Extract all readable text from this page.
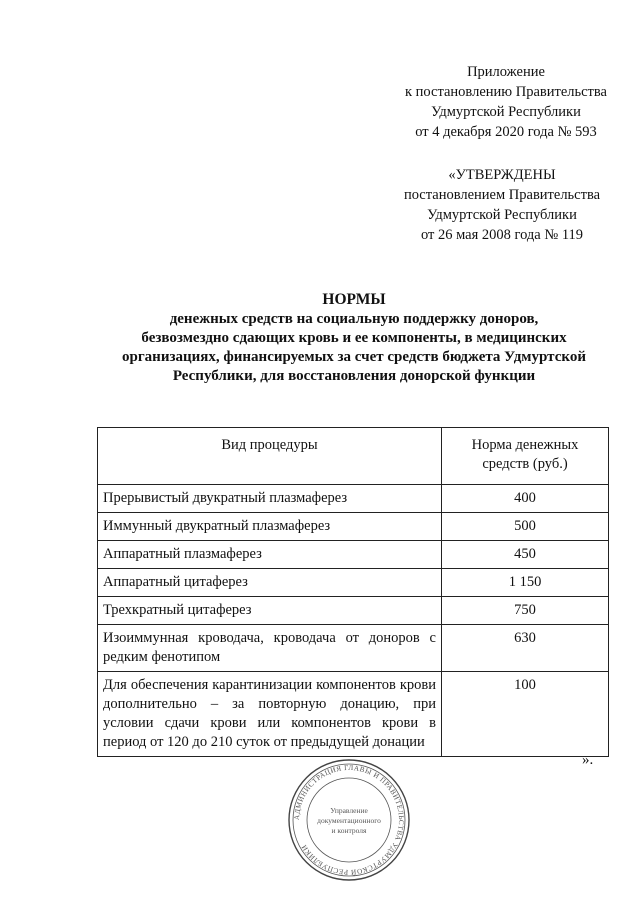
Приложение
к постановлению Правительства
Удмуртской Республики
от 4 декабря 2020 года № 593
«УТВЕРЖДЕНЫ
постановлением Правительства
Удмуртской Республики
от 26 мая 2008 года № 119
НОРМЫ
денежных средств на социальную поддержку доноров,
безвозмездно сдающих кровь и ее компоненты, в медицинских
организациях, финансируемых за счет средств бюджета Удмуртской
Республики, для восстановления донорской функции
Вид процедуры	Норма денежных средств (руб.)
Прерывистый двукратный плазмаферез	400
Иммунный двукратный плазмаферез	500
Аппаратный плазмаферез	450
Аппаратный цитаферез	1 150
Трехкратный цитаферез	750
Изоиммунная кроводача, кроводача от доноров с редким фенотипом	630
Для обеспечения карантинизации компонентов крови дополнительно – за повторную донацию, при условии сдачи крови или компонентов крови в период от 120 до 210 суток от предыдущей донации	100
».
АДМИНИСТРАЦИЯ ГЛАВЫ И ПРАВИТЕЛЬСТВА УДМУРТСКОЙ РЕСПУБЛИКИ
Управление
документационного
и контроля
